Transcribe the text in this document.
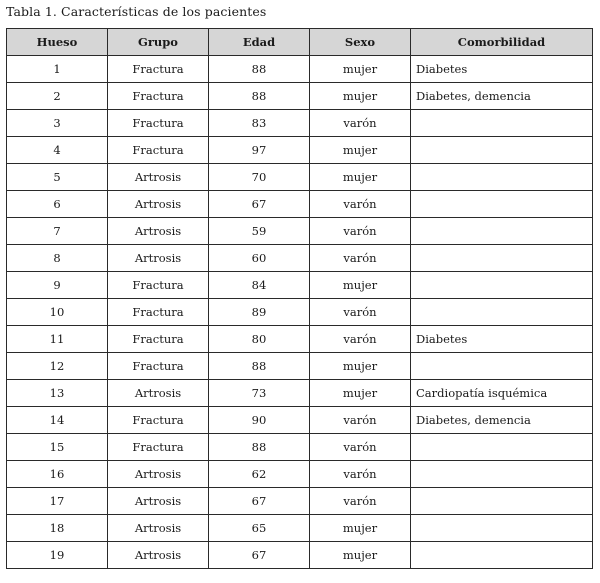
Tabla 1. Características de los pacientes
Hueso	Grupo	Edad	Sexo	Comorbilidad
1	Fractura	88	mujer	Diabetes
2	Fractura	88	mujer	Diabetes, demencia
3	Fractura	83	varón	
4	Fractura	97	mujer	
5	Artrosis	70	mujer	
6	Artrosis	67	varón	
7	Artrosis	59	varón	
8	Artrosis	60	varón	
9	Fractura	84	mujer	
10	Fractura	89	varón	
11	Fractura	80	varón	Diabetes
12	Fractura	88	mujer	
13	Artrosis	73	mujer	Cardiopatía isquémica
14	Fractura	90	varón	Diabetes, demencia
15	Fractura	88	varón	
16	Artrosis	62	varón	
17	Artrosis	67	varón	
18	Artrosis	65	mujer	
19	Artrosis	67	mujer	
